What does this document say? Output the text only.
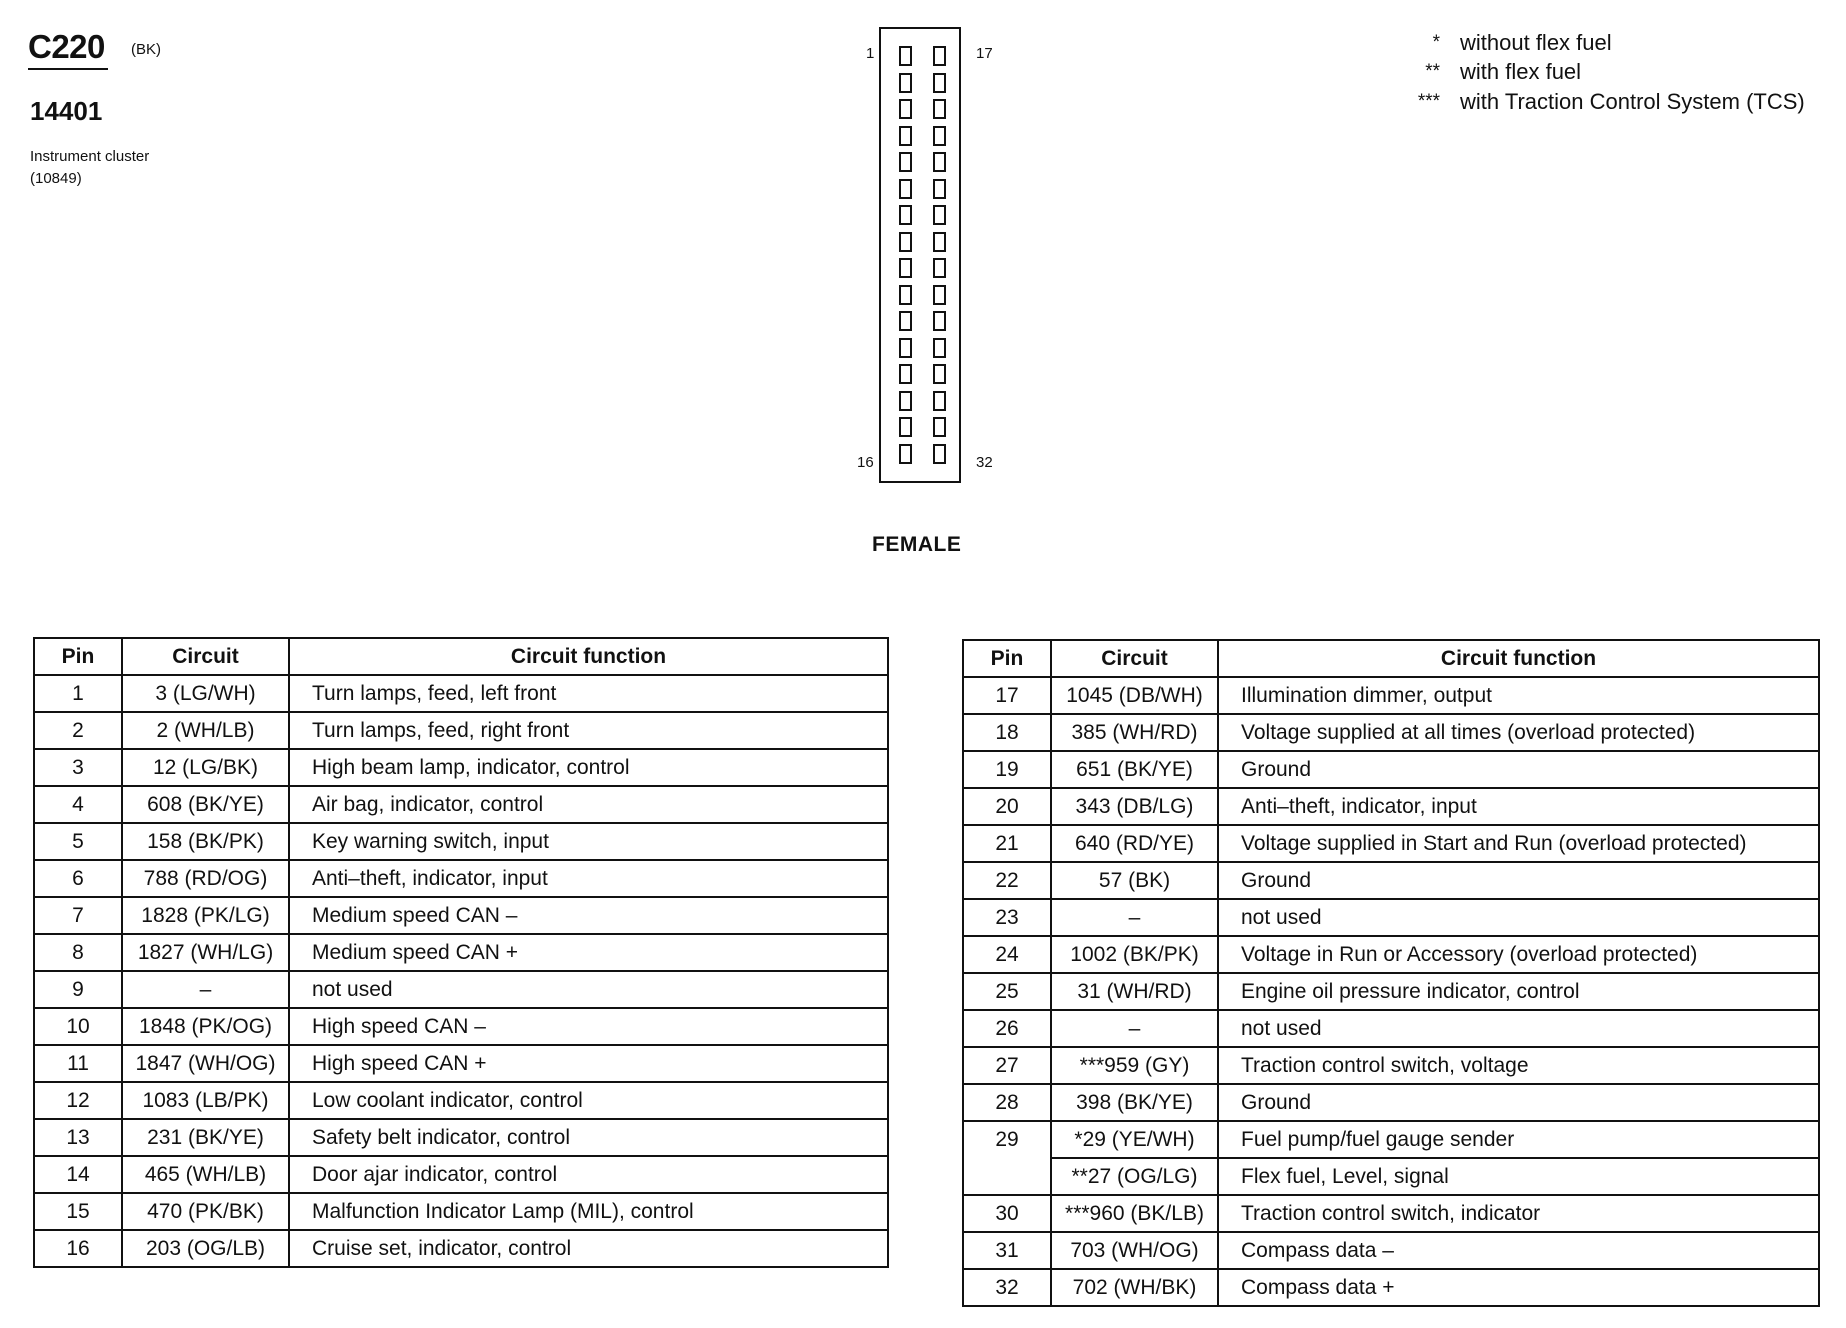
C220 (BK)
14401
Instrument cluster
(10849)
* without flex fuel
** with flex fuel
*** with Traction Control System (TCS)
1	17
16	32
FEMALE
Pin	Circuit	Circuit function
1	3 (LG/WH)	Turn lamps, feed, left front
2	2 (WH/LB)	Turn lamps, feed, right front
3	12 (LG/BK)	High beam lamp, indicator, control
4	608 (BK/YE)	Air bag, indicator, control
5	158 (BK/PK)	Key warning switch, input
6	788 (RD/OG)	Anti–theft, indicator, input
7	1828 (PK/LG)	Medium speed CAN –
8	1827 (WH/LG)	Medium speed CAN +
9	–	not used
10	1848 (PK/OG)	High speed CAN –
11	1847 (WH/OG)	High speed CAN +
12	1083 (LB/PK)	Low coolant indicator, control
13	231 (BK/YE)	Safety belt indicator, control
14	465 (WH/LB)	Door ajar indicator, control
15	470 (PK/BK)	Malfunction Indicator Lamp (MIL), control
16	203 (OG/LB)	Cruise set, indicator, control
Pin	Circuit	Circuit function
17	1045 (DB/WH)	Illumination dimmer, output
18	385 (WH/RD)	Voltage supplied at all times (overload protected)
19	651 (BK/YE)	Ground
20	343 (DB/LG)	Anti–theft, indicator, input
21	640 (RD/YE)	Voltage supplied in Start and Run (overload protected)
22	57 (BK)	Ground
23	–	not used
24	1002 (BK/PK)	Voltage in Run or Accessory (overload protected)
25	31 (WH/RD)	Engine oil pressure indicator, control
26	–	not used
27	***959 (GY)	Traction control switch, voltage
28	398 (BK/YE)	Ground
29	*29 (YE/WH)	Fuel pump/fuel gauge sender
	**27 (OG/LG)	Flex fuel, Level, signal
30	***960 (BK/LB)	Traction control switch, indicator
31	703 (WH/OG)	Compass data –
32	702 (WH/BK)	Compass data +
